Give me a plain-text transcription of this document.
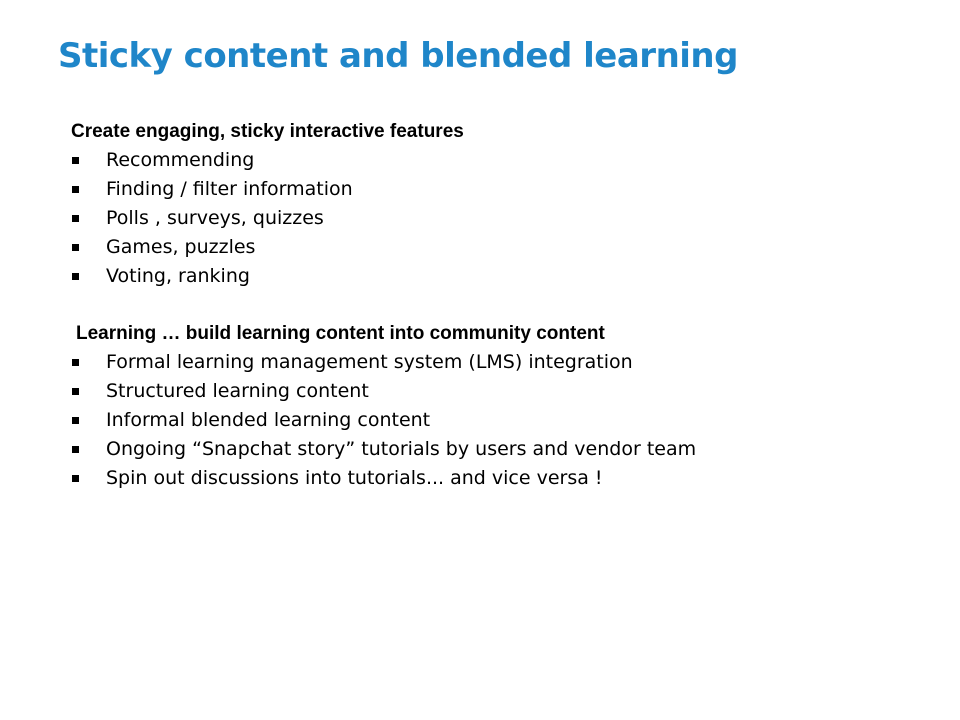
Sticky content and blended learning

Create engaging, sticky interactive features

Recommending
Finding / filter information
Polls , surveys, quizzes
Games, puzzles
Voting, ranking

Learning … build learning content into community content

Formal learning management system (LMS) integration
Structured learning content
Informal blended learning content
Ongoing “Snapchat story” tutorials by users and vendor team
Spin out discussions into tutorials... and vice versa !
